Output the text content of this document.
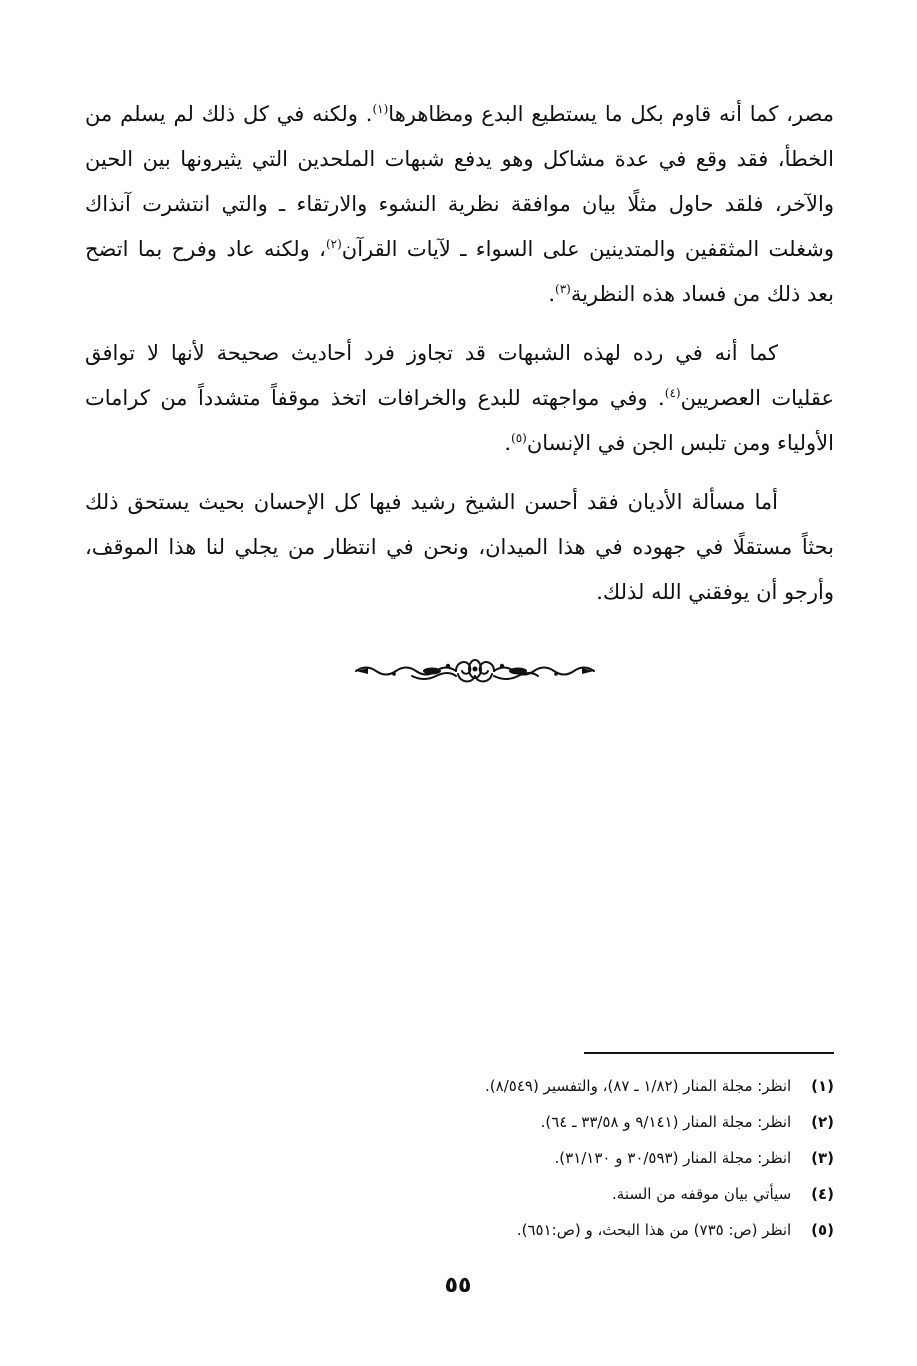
مصر، كما أنه قاوم بكل ما يستطيع البدع ومظاهرها$^{(١)}$. ولكنه في كل ذلك لم يسلم من الخطأ، فقد وقع في عدة مشاكل وهو يدفع شبهات الملحدين التي يثيرونها بين الحين والآخر، فلقد حاول مثلًا بيان موافقة نظرية النشوء والارتقاء ـ والتي انتشرت آنذاك وشغلت المثقفين والمتدينين على السواء ـ لآيات القرآن$^{(٢)}$، ولكنه عاد وفرح بما اتضح بعد ذلك من فساد هذه النظرية$^{(٣)}$.

كما أنه في رده لهذه الشبهات قد تجاوز فرد أحاديث صحيحة لأنها لا توافق عقليات العصريين$^{(٤)}$. وفي مواجهته للبدع والخرافات اتخذ موقفاً متشدداً من كرامات الأولياء ومن تلبس الجن في الإنسان$^{(٥)}$.

أما مسألة الأديان فقد أحسن الشيخ رشيد فيها كل الإحسان بحيث يستحق ذلك بحثاً مستقلًا في جهوده في هذا الميدان، ونحن في انتظار من يجلي لنا هذا الموقف، وأرجو أن يوفقني الله لذلك.

(١) انظر: مجلة المنار (١/٨٢ ـ ٨٧)، والتفسير (٨/٥٤٩).
(٢) انظر: مجلة المنار (٩/١٤١ و ٣٣/٥٨ ـ ٦٤).
(٣) انظر: مجلة المنار (٣٠/٥٩٣ و ٣١/١٣٠).
(٤) سيأتي بيان موقفه من السنة.
(٥) انظر (ص: ٧٣٥) من هذا البحث، و (ص:٦٥١).
٥٥
